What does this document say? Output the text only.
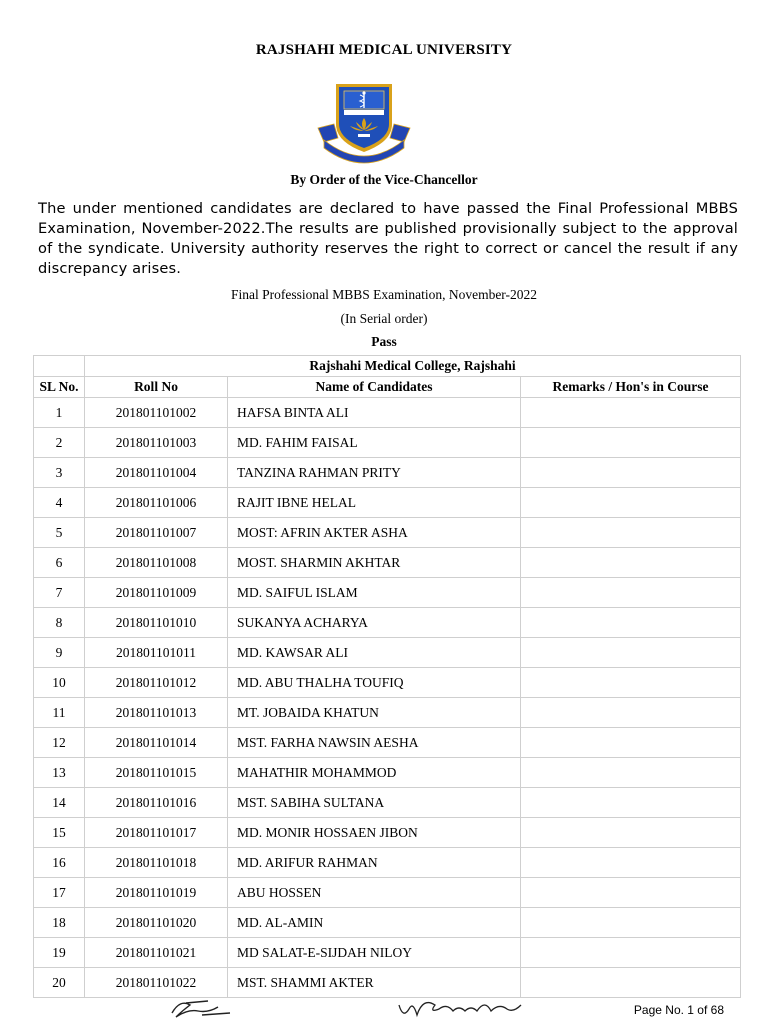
RAJSHAHI MEDICAL UNIVERSITY
By Order of the Vice-Chancellor
The under mentioned candidates are declared to have passed the Final Professional MBBS Examination, November-2022.The results are published provisionally subject to the approval of the syndicate. University authority reserves the right to correct or cancel the result if any discrepancy arises.
Final Professional MBBS Examination, November-2022
(In Serial order)
Pass
	Rajshahi Medical College, Rajshahi		
SL No.	Roll No	Name of Candidates	Remarks / Hon's in Course
1	201801101002	HAFSA BINTA ALI	
2	201801101003	MD. FAHIM FAISAL	
3	201801101004	TANZINA RAHMAN PRITY	
4	201801101006	RAJIT IBNE HELAL	
5	201801101007	MOST: AFRIN AKTER ASHA	
6	201801101008	MOST. SHARMIN AKHTAR	
7	201801101009	MD. SAIFUL ISLAM	
8	201801101010	SUKANYA ACHARYA	
9	201801101011	MD. KAWSAR ALI	
10	201801101012	MD. ABU THALHA TOUFIQ	
11	201801101013	MT. JOBAIDA KHATUN	
12	201801101014	MST. FARHA NAWSIN AESHA	
13	201801101015	MAHATHIR MOHAMMOD	
14	201801101016	MST. SABIHA SULTANA	
15	201801101017	MD. MONIR HOSSAEN JIBON	
16	201801101018	MD. ARIFUR RAHMAN	
17	201801101019	ABU HOSSEN	
18	201801101020	MD. AL-AMIN	
19	201801101021	MD SALAT-E-SIJDAH NILOY	
20	201801101022	MST. SHAMMI AKTER	
Page No. 1 of 68
